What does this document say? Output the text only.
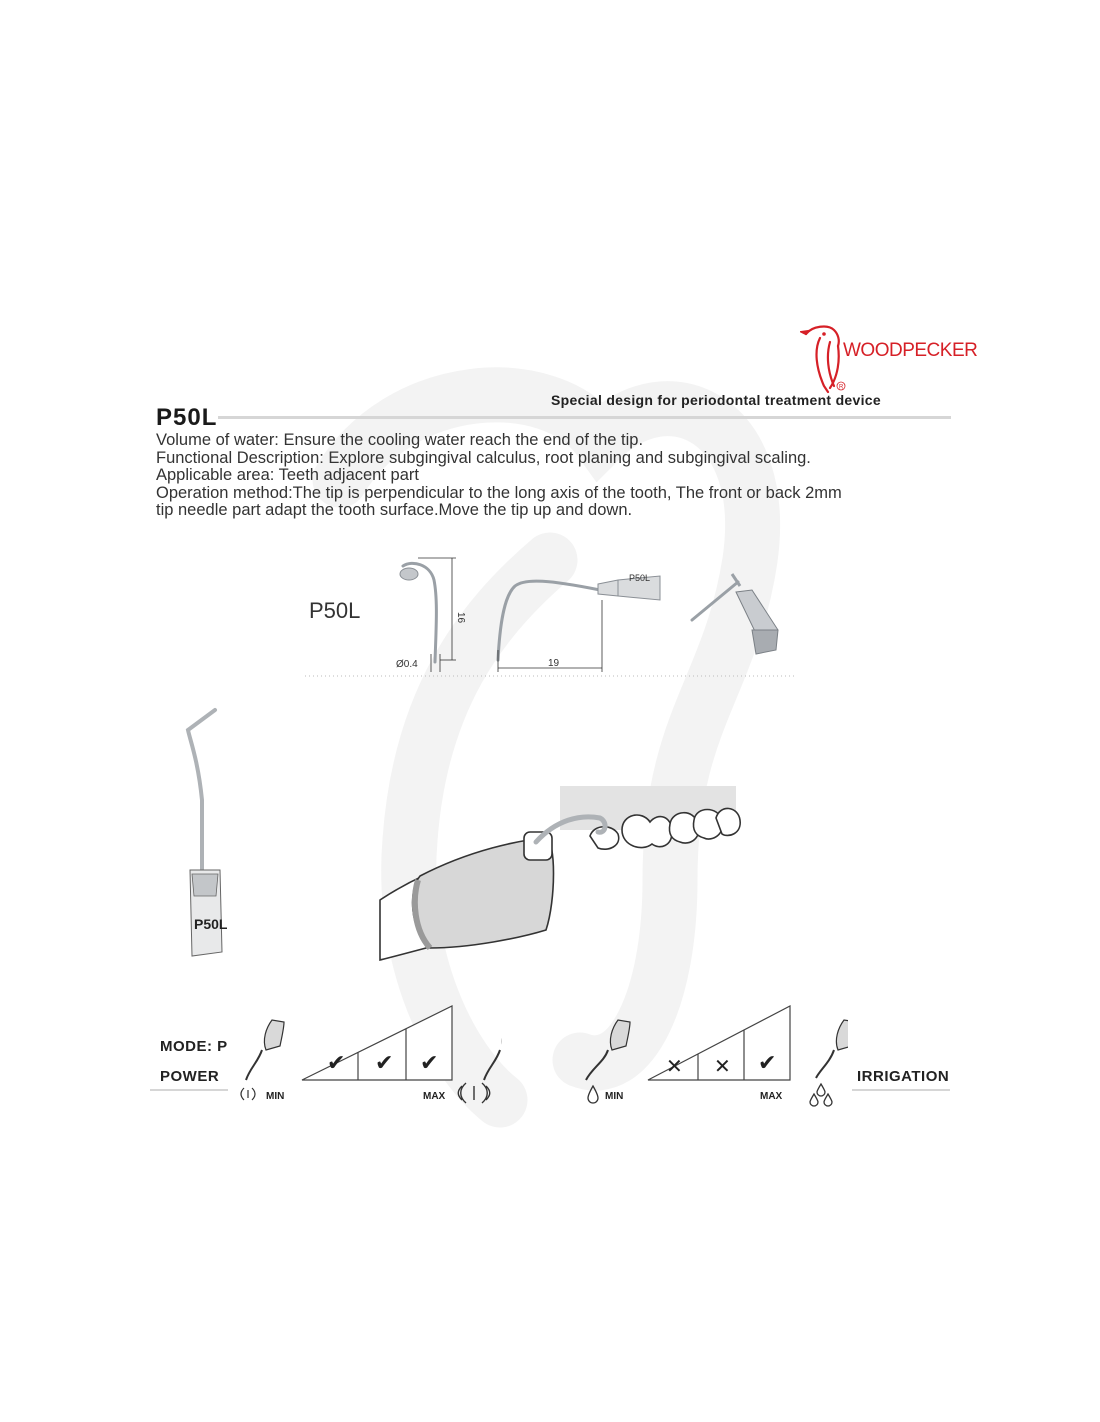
R
WOODPECKER
Special design for periodontal treatment device
P50L
Volume of water: Ensure the cooling water reach the end of the tip.
Functional Description: Explore subgingival calculus, root planing and subgingival scaling.
Applicable area: Teeth adjacent part
Operation method:The tip is perpendicular to the long axis of the tooth, The front or back 2mm
tip needle part adapt the tooth surface.Move the tip up and down.
P50L	16
Ø0.4
P50L
19
P50L
MODE: P
POWER
✔ ✔ ✔
MIN	MAX
✕ ✕ ✔
MIN	MAX
IRRIGATION
